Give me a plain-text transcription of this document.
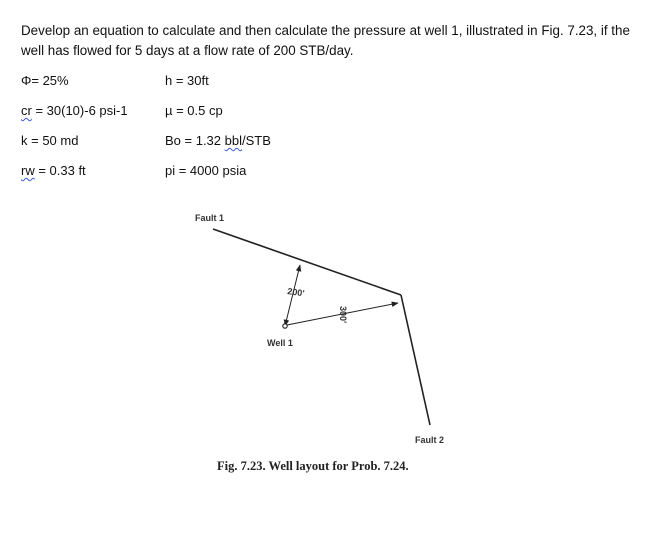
Develop an equation to calculate and then calculate the pressure at well 1, illustrated in Fig. 7.23, if the well has flowed for 5 days at a flow rate of 200 STB/day.
Φ= 25%	h = 30ft
cr = 30(10)-6 psi-1	µ = 0.5 cp
k = 50 md	Bo = 1.32 bbl/STB
rw = 0.33 ft	pi = 4000 psia
Fault 1
Fault 2
Well 1
200'
300'
Fig. 7.23. Well layout for Prob. 7.24.
